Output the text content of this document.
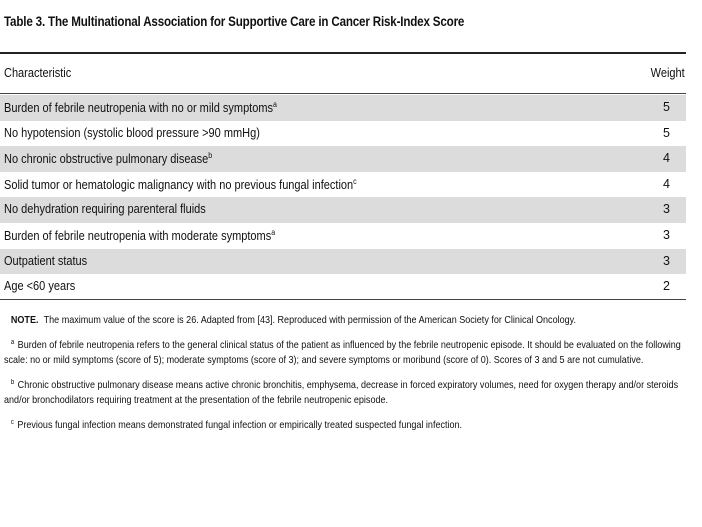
Table 3. The Multinational Association for Supportive Care in Cancer Risk-Index Score
Characteristic	Weight
Burden of febrile neutropenia with no or mild symptoms$^a$	5
No hypotension (systolic blood pressure >90 mmHg)	5
No chronic obstructive pulmonary disease$^b$	4
Solid tumor or hematologic malignancy with no previous fungal infection$^c$	4
No dehydration requiring parenteral fluids	3
Burden of febrile neutropenia with moderate symptoms$^a$	3
Outpatient status	3
Age <60 years	2

NOTE. The maximum value of the score is 26. Adapted from [43]. Reproduced with permission of the American Society for Clinical Oncology.

$^a$ Burden of febrile neutropenia refers to the general clinical status of the patient as influenced by the febrile neutropenic episode. It should be evaluated on the following scale: no or mild symptoms (score of 5); moderate symptoms (score of 3); and severe symptoms or moribund (score of 0). Scores of 3 and 5 are not cumulative.

$^b$ Chronic obstructive pulmonary disease means active chronic bronchitis, emphysema, decrease in forced expiratory volumes, need for oxygen therapy and/or steroids and/or bronchodilators requiring treatment at the presentation of the febrile neutropenic episode.

$^c$ Previous fungal infection means demonstrated fungal infection or empirically treated suspected fungal infection.
